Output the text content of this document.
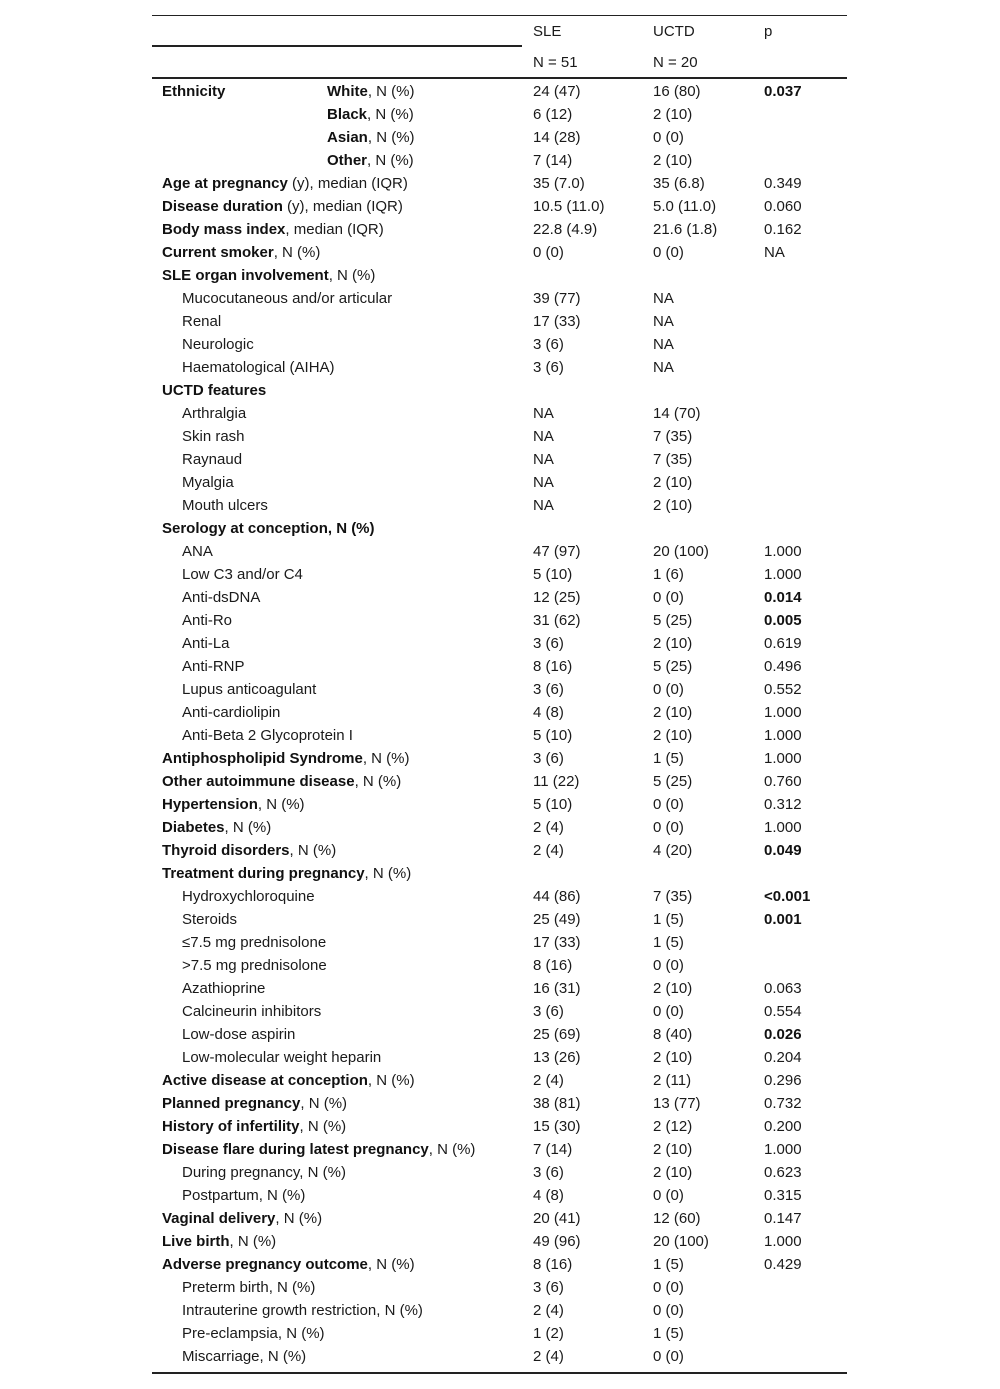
SLE	UCTD	p
N = 51	N = 20
Ethnicity	White, N (%)	24 (47)	16 (80)	0.037
Black, N (%)	6 (12)	2 (10)
Asian, N (%)	14 (28)	0 (0)
Other, N (%)	7 (14)	2 (10)
Age at pregnancy (y), median (IQR)	35 (7.0)	35 (6.8)	0.349
Disease duration (y), median (IQR)	10.5 (11.0)	5.0 (11.0)	0.060
Body mass index, median (IQR)	22.8 (4.9)	21.6 (1.8)	0.162
Current smoker, N (%)	0 (0)	0 (0)	NA
SLE organ involvement, N (%)
Mucocutaneous and/or articular	39 (77)	NA
Renal	17 (33)	NA
Neurologic	3 (6)	NA
Haematological (AIHA)	3 (6)	NA
UCTD features
Arthralgia	NA	14 (70)
Skin rash	NA	7 (35)
Raynaud	NA	7 (35)
Myalgia	NA	2 (10)
Mouth ulcers	NA	2 (10)
Serology at conception, N (%)
ANA	47 (97)	20 (100)	1.000
Low C3 and/or C4	5 (10)	1 (6)	1.000
Anti-dsDNA	12 (25)	0 (0)	0.014
Anti-Ro	31 (62)	5 (25)	0.005
Anti-La	3 (6)	2 (10)	0.619
Anti-RNP	8 (16)	5 (25)	0.496
Lupus anticoagulant	3 (6)	0 (0)	0.552
Anti-cardiolipin	4 (8)	2 (10)	1.000
Anti-Beta 2 Glycoprotein I	5 (10)	2 (10)	1.000
Antiphospholipid Syndrome, N (%)	3 (6)	1 (5)	1.000
Other autoimmune disease, N (%)	11 (22)	5 (25)	0.760
Hypertension, N (%)	5 (10)	0 (0)	0.312
Diabetes, N (%)	2 (4)	0 (0)	1.000
Thyroid disorders, N (%)	2 (4)	4 (20)	0.049
Treatment during pregnancy, N (%)
Hydroxychloroquine	44 (86)	7 (35)	<0.001
Steroids	25 (49)	1 (5)	0.001
≤7.5 mg prednisolone	17 (33)	1 (5)
>7.5 mg prednisolone	8 (16)	0 (0)
Azathioprine	16 (31)	2 (10)	0.063
Calcineurin inhibitors	3 (6)	0 (0)	0.554
Low-dose aspirin	25 (69)	8 (40)	0.026
Low-molecular weight heparin	13 (26)	2 (10)	0.204
Active disease at conception, N (%)	2 (4)	2 (11)	0.296
Planned pregnancy, N (%)	38 (81)	13 (77)	0.732
History of infertility, N (%)	15 (30)	2 (12)	0.200
Disease flare during latest pregnancy, N (%)	7 (14)	2 (10)	1.000
During pregnancy, N (%)	3 (6)	2 (10)	0.623
Postpartum, N (%)	4 (8)	0 (0)	0.315
Vaginal delivery, N (%)	20 (41)	12 (60)	0.147
Live birth, N (%)	49 (96)	20 (100)	1.000
Adverse pregnancy outcome, N (%)	8 (16)	1 (5)	0.429
Preterm birth, N (%)	3 (6)	0 (0)
Intrauterine growth restriction, N (%)	2 (4)	0 (0)
Pre-eclampsia, N (%)	1 (2)	1 (5)
Miscarriage, N (%)	2 (4)	0 (0)
